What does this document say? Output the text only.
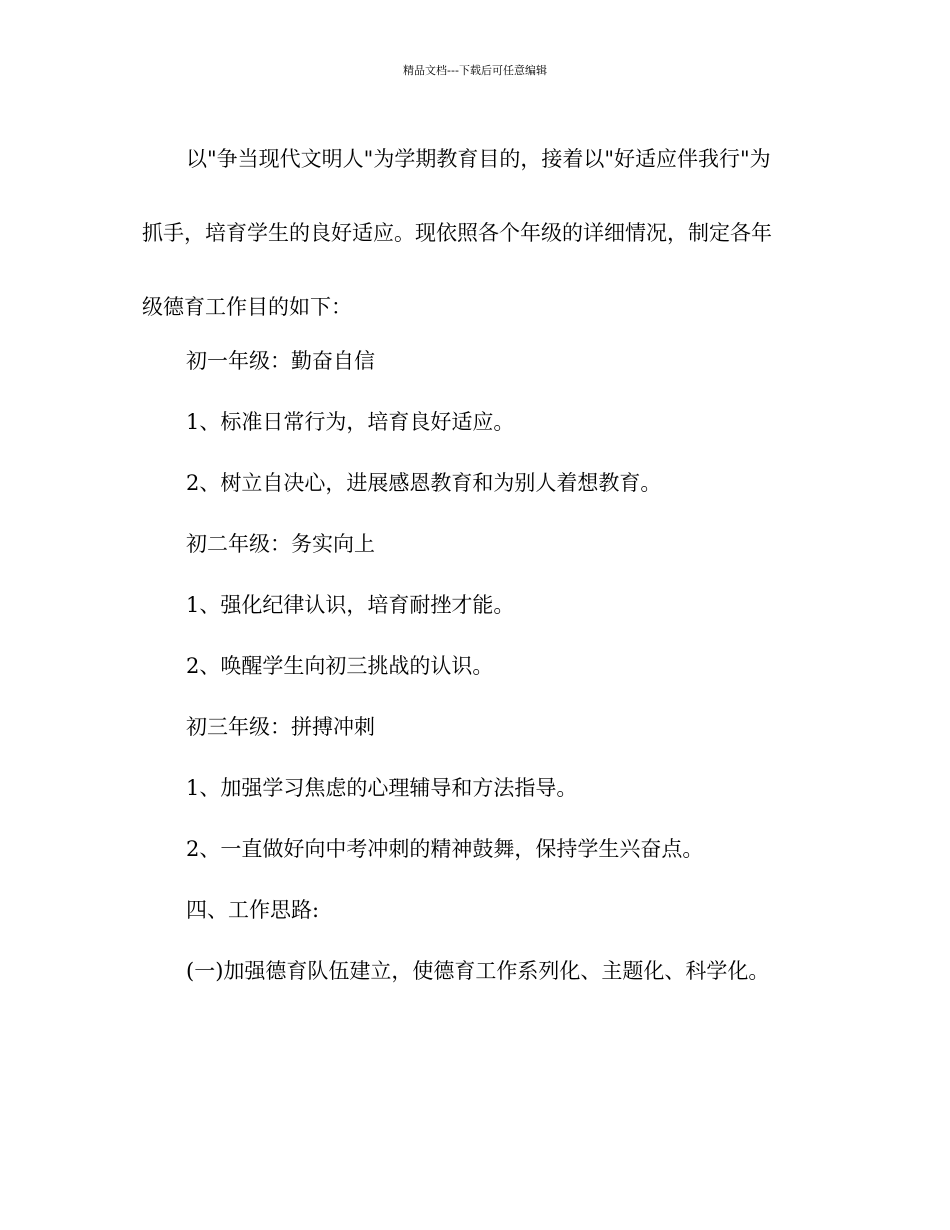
精品文档---下载后可任意编辑
以"争当现代文明人"为学期教育目的，接着以"好适应伴我行"为
抓手，培育学生的良好适应。现依照各个年级的详细情况，制定各年
级德育工作目的如下：
初一年级：勤奋自信
1、标准日常行为，培育良好适应。
2、树立自决心，进展感恩教育和为别人着想教育。
初二年级：务实向上
1、强化纪律认识，培育耐挫才能。
2、唤醒学生向初三挑战的认识。
初三年级：拼搏冲刺
1、加强学习焦虑的心理辅导和方法指导。
2、一直做好向中考冲刺的精神鼓舞，保持学生兴奋点。
四、工作思路:
(一)加强德育队伍建立，使德育工作系列化、主题化、科学化。
